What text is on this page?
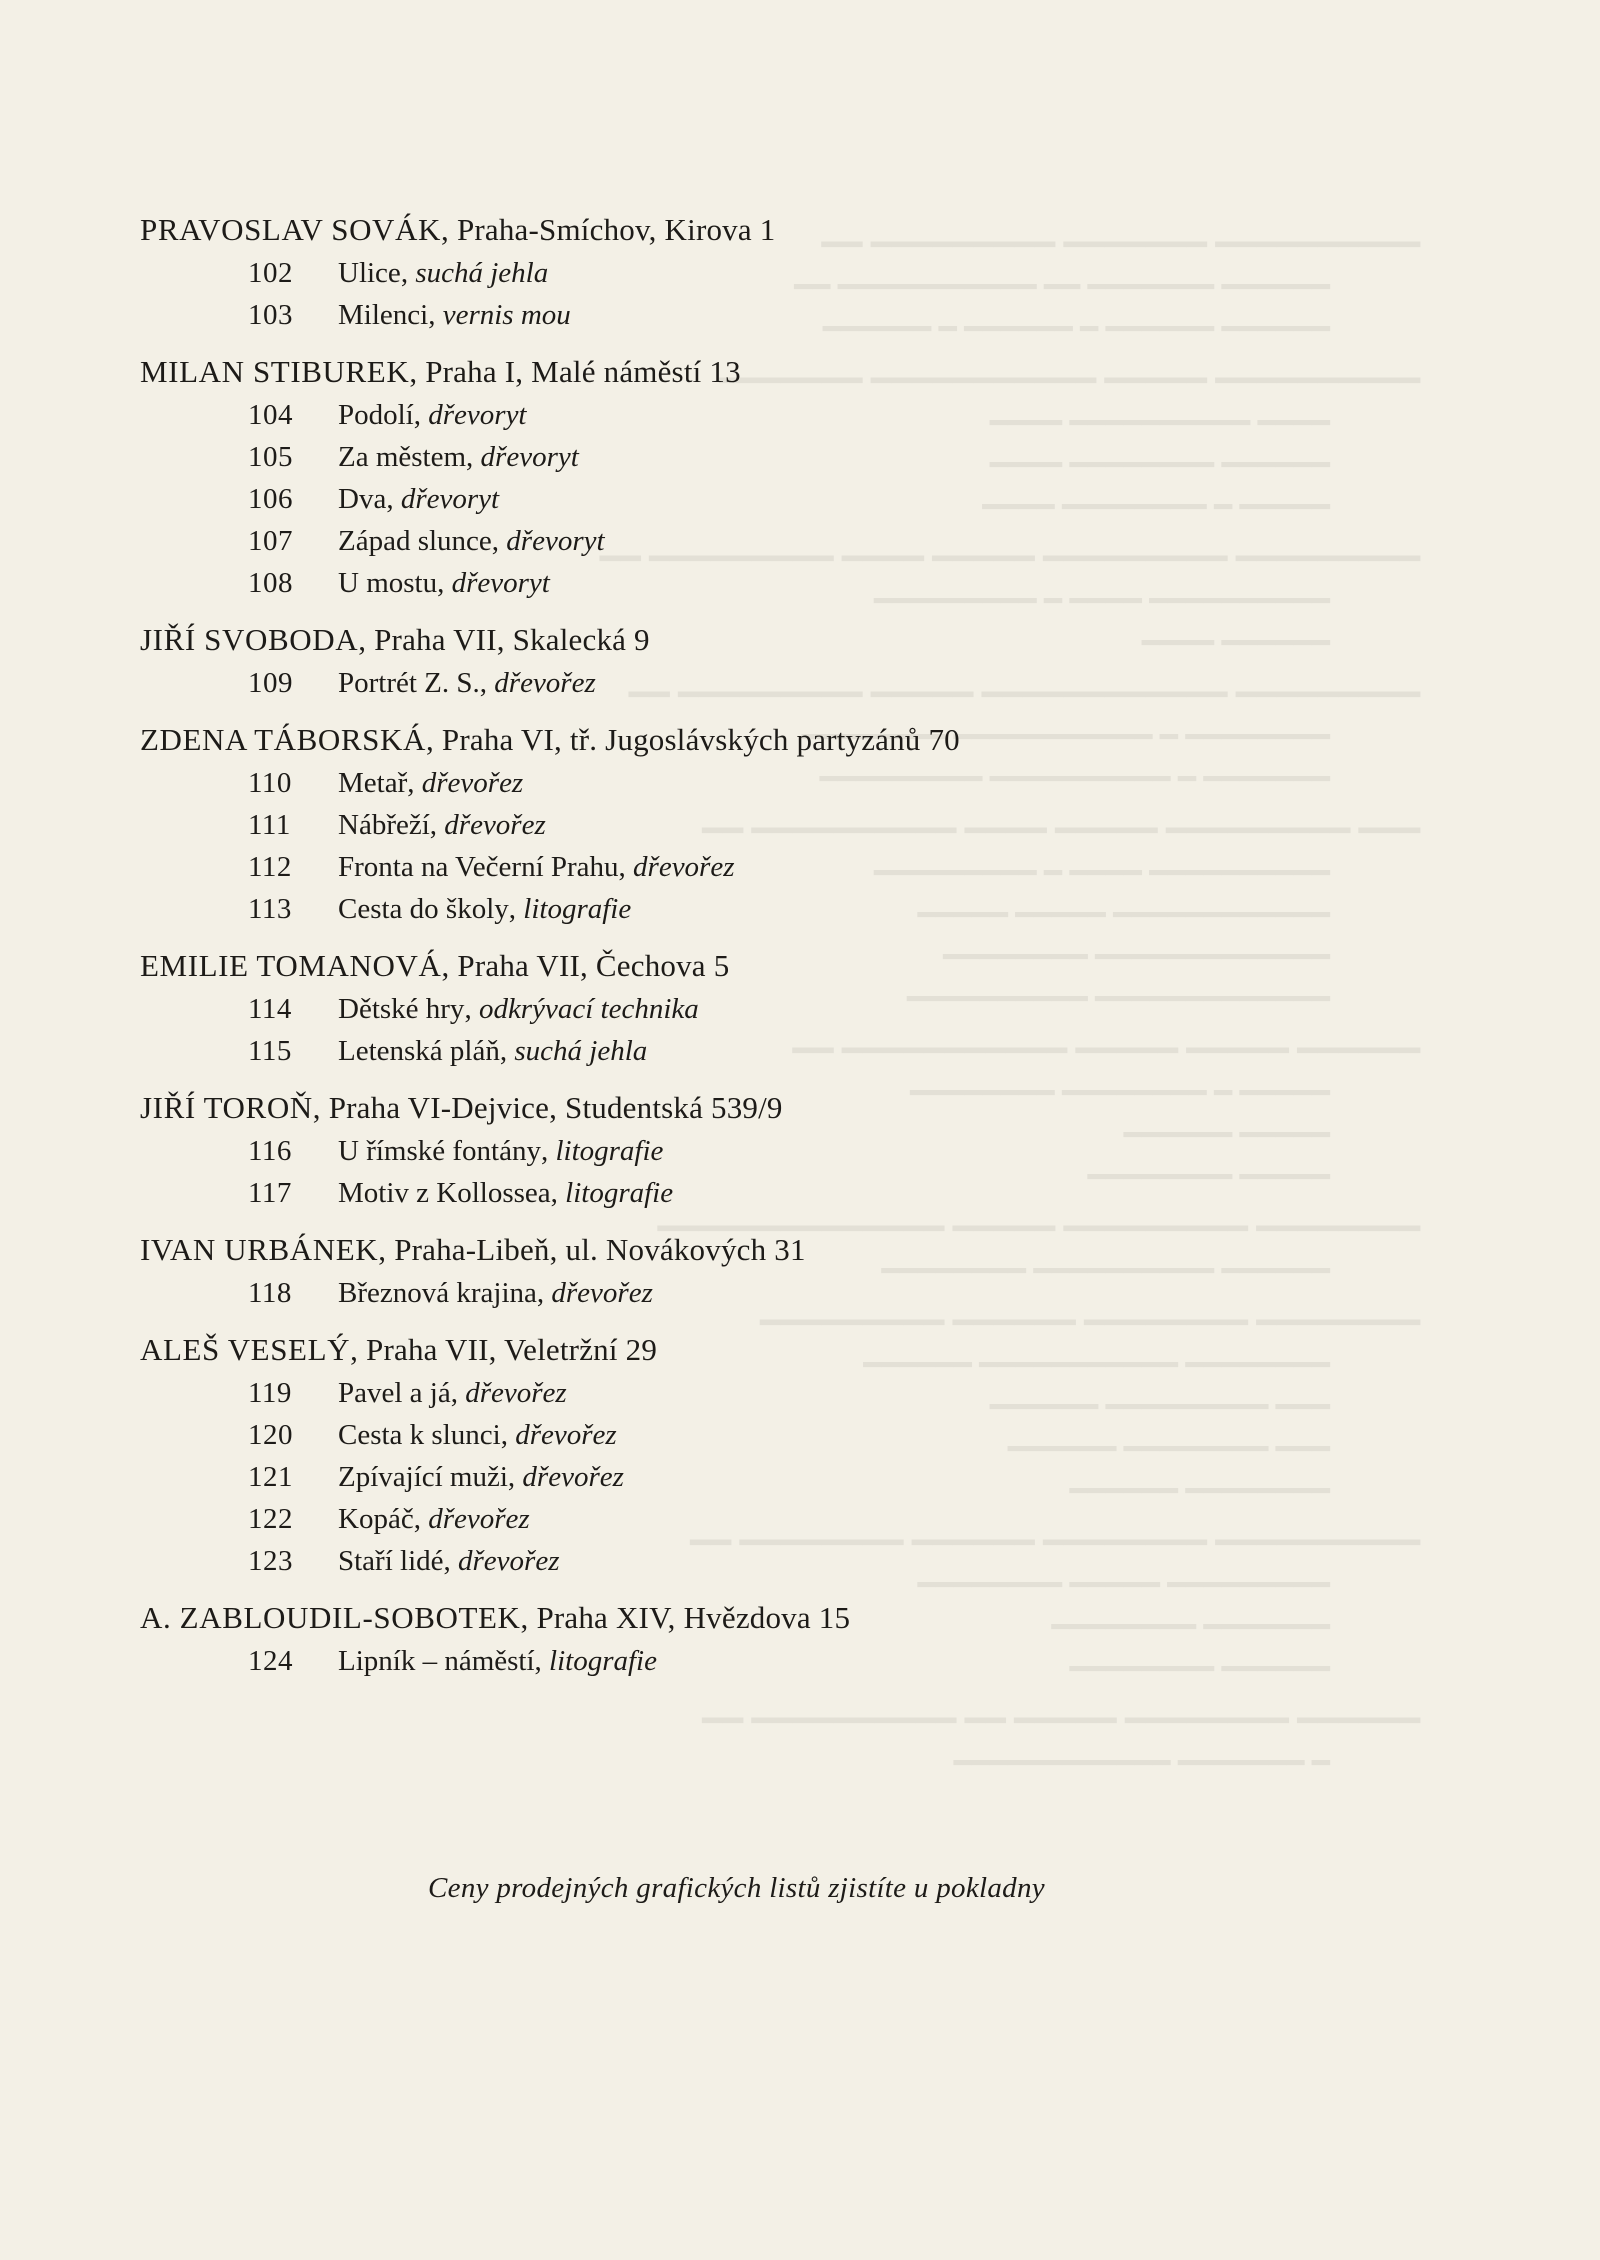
━━━━━━━━━━ ━━━━━━━ ━━━━━━━━━ ━━
━━━━━━ ━━━━━━━ ━━ ━━━━━━━━━━━ ━━
━━━━━━ ━━━━━━ ━ ━━━━━━ ━ ━━━━━━
━━━━━━━━━━ ━━━━━ ━━━━━━━━━━━ ━━━━━━━
━━━━ ━━━━━━━━━━ ━━━━
━━━━━━ ━━━━━━━━ ━━━━
━━━━━ ━ ━━━━━━━━ ━━━━
━━━━━━━━━ ━━━━━━━━━ ━━━━━ ━━━━ ━━━━━━━━━ ━━
━━━━━━━━━━ ━━━━ ━ ━━━━━━━━━
━━━━━━ ━━━━
━━━━━━━━━ ━━━━━━━━━━━━ ━━━━━ ━━━━━━━━━ ━━
━━━━━━━━ ━ ━━━━━━━━━━━ ━━━━━━━━
━━━━━━━ ━ ━━━━━━━━━━ ━━━━━━━━━
━━━ ━━━━━━━━━ ━━━━━ ━━━━ ━━━━━━━━━━ ━━
━━━━━━━━━━ ━━━━ ━ ━━━━━━━━━
━━━━━━━━━━━━ ━━━━━ ━━━━━
━━━━━━━━━━━━━ ━━━━━━━━
━━━━━━━━━━━━━ ━━━━━━━━━━
━━━━━━ ━━━━━ ━━━━━ ━━━━━━━━━━━ ━━
━━━━━ ━ ━━━━━━━━ ━━━━━━━━
━━━━━ ━━━━━━
━━━━━ ━━━━━━━━
━━━━━━━━ ━━━━━━━━━ ━━━━━ ━━━━━━━━━━━━━━
━━━━━━ ━━━━━━━━━━ ━━━━━━━━
━━━━━━━━ ━━━━━━━━ ━━━━━━ ━━━━━━━━━
━━━━━━━━ ━━━━━━━━━━━ ━━━━━━
━━━ ━━━━━━━━━ ━━━━━━
━━━ ━━━━━━━━ ━━━━━━
━━━━━━━━ ━━━━━━
━━━━━━━━━━ ━━━━━━━━ ━━━━━━ ━━━━━━━━ ━━
━━━━━━━━━ ━━━━━ ━━━━━━━━
━━━━━━━ ━━━━━━━━
━━━━━━ ━━━━━━━━
━━━━━━ ━━━━━━━━ ━━━━━ ━━ ━━━━━━━━━━ ━━
━ ━━━━━━━ ━━━━━━━━━━━━
PRAVOSLAV SOVÁK, Praha-Smíchov, Kirova 1
102	Ulice , suchá jehla
103	Milenci , vernis mou
MILAN STIBUREK, Praha I, Malé náměstí 13
104	Podolí , dřevoryt
105	Za městem , dřevoryt
106	Dva , dřevoryt
107	Západ slunce , dřevoryt
108	U mostu , dřevoryt
JIŘÍ SVOBODA, Praha VII, Skalecká 9
109	Portrét Z. S. , dřevořez
ZDENA TÁBORSKÁ, Praha VI, tř. Jugoslávských partyzánů 70
110	Metař , dřevořez
111	Nábřeží , dřevořez
112	Fronta na Večerní Prahu , dřevořez
113	Cesta do školy , litografie
EMILIE TOMANOVÁ, Praha VII, Čechova 5
114	Dětské hry , odkrývací technika
115	Letenská pláň , suchá jehla
JIŘÍ TOROŇ, Praha VI-Dejvice, Studentská 539/9
116	U římské fontány , litografie
117	Motiv z Kollossea , litografie
IVAN URBÁNEK, Praha-Libeň, ul. Novákových 31
118	Březnová krajina , dřevořez
ALEŠ VESELÝ, Praha VII, Veletržní 29
119	Pavel a já , dřevořez
120	Cesta k slunci , dřevořez
121	Zpívající muži , dřevořez
122	Kopáč , dřevořez
123	Staří lidé , dřevořez
A. ZABLOUDIL-SOBOTEK, Praha XIV, Hvězdova 15
124	Lipník – náměstí , litografie
Ceny prodejných grafických listů zjistíte u pokladny
